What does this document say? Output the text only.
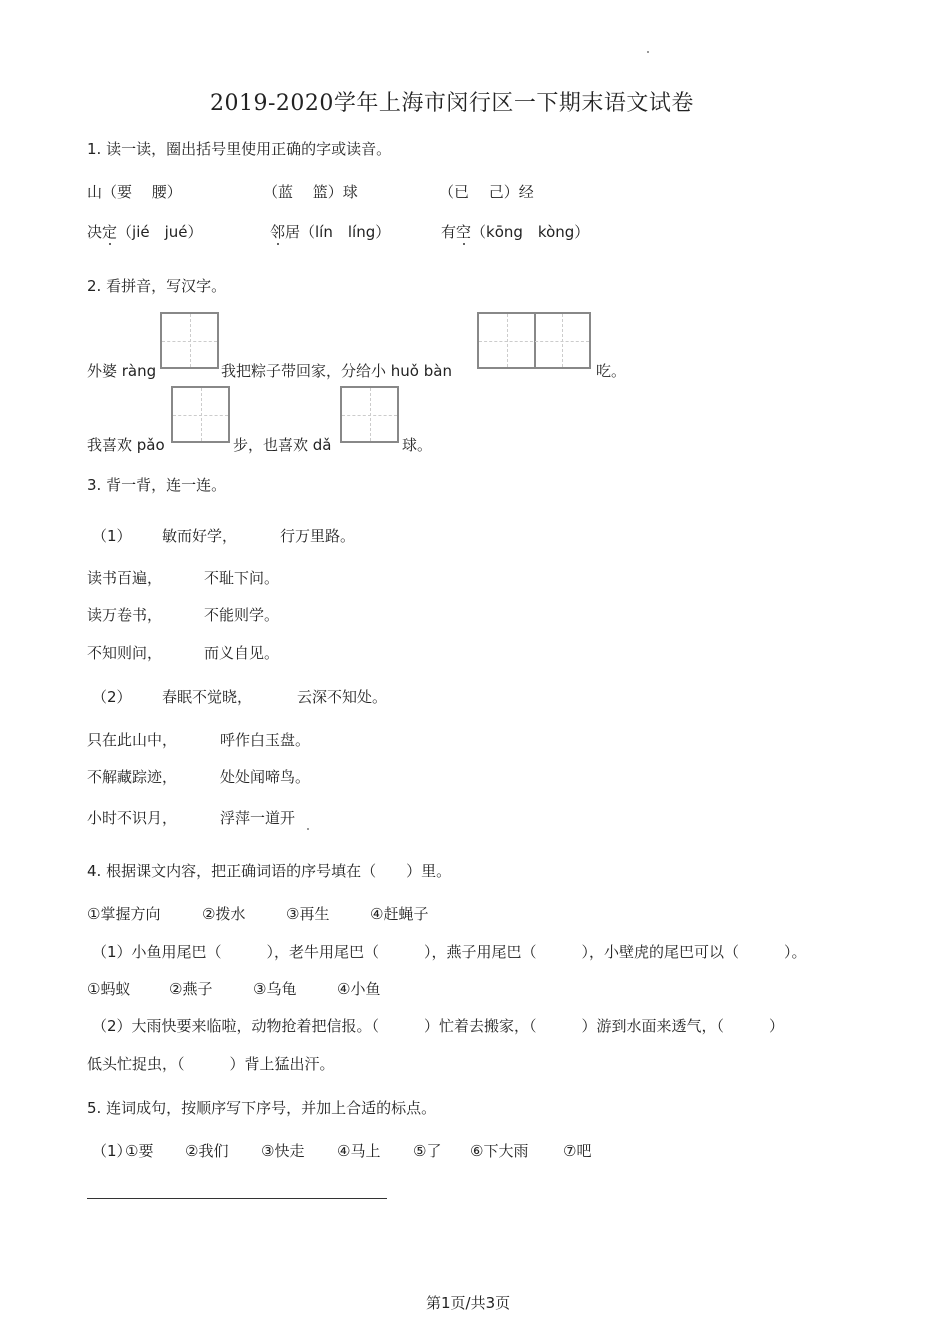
2019-2020学年上海市闵行区一下期末语文试卷
1. 读一读，圈出括号里使用正确的字或读音。
山（要　 腰）	（蓝　 篮）球	（已　 己）经
决定（jié　jué）	邻居（lín　líng）	有空（kōng　kòng）
2. 看拼音，写汉字。
外婆 ràng	我把粽子带回家，分给小 huǒ bàn	吃。
我喜欢 pǎo	步，也喜欢 dǎ	球。
3. 背一背，连一连。
（1） 敏而好学，	行万里路。
读书百遍，	不耻下问。
读万卷书，	不能则学。
不知则问，	而义自见。
（2） 春眠不觉晓，	云深不知处。
只在此山中，	呼作白玉盘。
不解藏踪迹，	处处闻啼鸟。
小时不识月，	浮萍一道开
4. 根据课文内容，把正确词语的序号填在（　　）里。
①掌握方向	②拨水	③再生	④赶蝇子
（1）小鱼用尾巴（　　　），老牛用尾巴（　　　），燕子用尾巴（　　　），小壁虎的尾巴可以（　　　）。
①蚂蚁	②燕子	③乌龟	④小鱼
（2）大雨快要来临啦，动物抢着把信报。（　　　）忙着去搬家，（　　　）游到水面来透气，（　　　）
低头忙捉虫，（　　　）背上猛出汗。
5. 连词成句，按顺序写下序号，并加上合适的标点。
（1）
①要 ②我们 ③快走 ④马上 ⑤了 ⑥下大雨 ⑦吧
第1页/共3页
